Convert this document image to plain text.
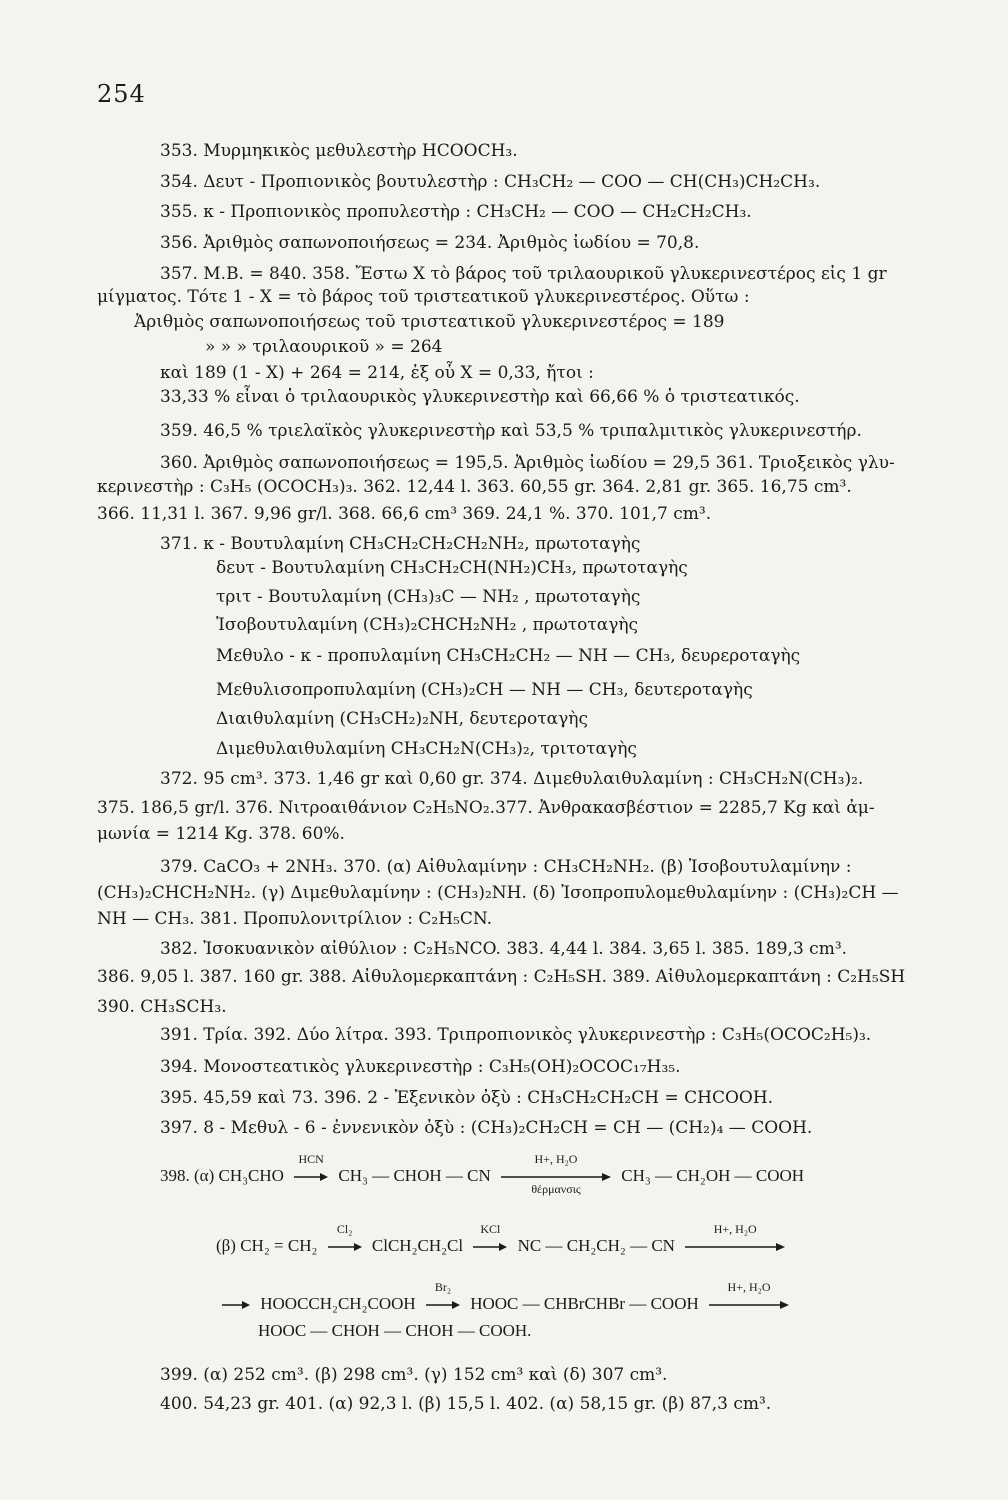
254
353. Μυρμηκικὸς μεθυλεστὴρ HCOOCH₃.
354. Δευτ - Προπιονικὸς βουτυλεστὴρ : CH₃CH₂ — COO — CH(CH₃)CH₂CH₃.
355. κ - Προπιονικὸς προπυλεστὴρ : CH₃CH₂ — COO — CH₂CH₂CH₃.
356. Ἀριθμὸς σαπωνοποιήσεως = 234. Ἀριθμὸς ἰωδίου = 70,8.
357. M.B. = 840. 358. Ἔστω X τὸ βάρος τοῦ τριλαουρικοῦ γλυκερινεστέρος εἰς 1 gr
μίγματος. Τότε 1 - X = τὸ βάρος τοῦ τριστεατικοῦ γλυκερινεστέρος. Οὕτω :
Ἀριθμὸς σαπωνοποιήσεως τοῦ τριστεατικοῦ γλυκερινεστέρος = 189
» » » τριλαουρικοῦ » = 264
καὶ 189 (1 - X) + 264 = 214, ἐξ οὗ X = 0,33, ἤτοι :
33,33 % εἶναι ὁ τριλαουρικὸς γλυκερινεστὴρ καὶ 66,66 % ὁ τριστεατικός.
359. 46,5 % τριελαϊκὸς γλυκερινεστὴρ καὶ 53,5 % τριπαλμιτικὸς γλυκερινεστήρ.
360. Ἀριθμὸς σαπωνοποιήσεως = 195,5. Ἀριθμὸς ἰωδίου = 29,5 361. Τριοξεικὸς γλυ-
κερινεστὴρ : C₃H₅ (OCOCH₃)₃. 362. 12,44 l. 363. 60,55 gr. 364. 2,81 gr. 365. 16,75 cm³.
366. 11,31 l. 367. 9,96 gr/l. 368. 66,6 cm³ 369. 24,1 %. 370. 101,7 cm³.
371. κ - Βουτυλαμίνη CH₃CH₂CH₂CH₂NH₂, πρωτοταγὴς
δευτ - Βουτυλαμίνη CH₃CH₂CH(NH₂)CH₃, πρωτοταγὴς
τριτ - Βουτυλαμίνη (CH₃)₃C — NH₂ , πρωτοταγὴς
Ἰσοβουτυλαμίνη (CH₃)₂CHCH₂NH₂ , πρωτοταγὴς
Μεθυλο - κ - προπυλαμίνη CH₃CH₂CH₂ — NH — CH₃, δευρεροταγὴς
Μεθυλισοπροπυλαμίνη (CH₃)₂CH — NH — CH₃, δευτεροταγὴς
Διαιθυλαμίνη (CH₃CH₂)₂NH, δευτεροταγὴς
Διμεθυλαιθυλαμίνη CH₃CH₂N(CH₃)₂, τριτοταγὴς
372. 95 cm³. 373. 1,46 gr καὶ 0,60 gr. 374. Διμεθυλαιθυλαμίνη : CH₃CH₂N(CH₃)₂.
375. 186,5 gr/l. 376. Νιτροαιθάνιον C₂H₅NO₂.377. Ἀνθρακασβέστιον = 2285,7 Kg καὶ ἀμ-
μωνία = 1214 Kg. 378. 60%.
379. CaCO₃ + 2NH₃. 370. (α) Αἰθυλαμίνην : CH₃CH₂NH₂. (β) Ἰσοβουτυλαμίνην :
(CH₃)₂CHCH₂NH₂. (γ) Διμεθυλαμίνην : (CH₃)₂NH. (δ) Ἰσοπροπυλομεθυλαμίνην : (CH₃)₂CH —
NH — CH₃. 381. Προπυλονιτρίλιον : C₂H₅CN.
382. Ἰσοκυανικὸν αἰθύλιον : C₂H₅NCO. 383. 4,44 l. 384. 3,65 l. 385. 189,3 cm³.
386. 9,05 l. 387. 160 gr. 388. Αἰθυλομερκαπτάνη : C₂H₅SH. 389. Αἰθυλομερκαπτάνη : C₂H₅SH
390. CH₃SCH₃.
391. Τρία. 392. Δύο λίτρα. 393. Τριπροπιονικὸς γλυκερινεστὴρ : C₃H₅(OCOC₂H₅)₃.
394. Μονοστεατικὸς γλυκερινεστὴρ : C₃H₅(OH)₂OCOC₁₇H₃₅.
395. 45,59 καὶ 73. 396. 2 - Ἐξενικὸν ὀξὺ : CH₃CH₂CH₂CH = CHCOOH.
397. 8 - Μεθυλ - 6 - ἐννενικὸν ὀξὺ : (CH₃)₂CH₂CH = CH — (CH₂)₄ — COOH.
398. (α) CH₃CHO
HCN
CH₃ — CHOH — CN
H+, H₂O
θέρμανσις
CH₃ — CH₂OH — COOH
(β) CH₂ = CH₂
Cl₂
ClCH₂CH₂Cl
KCl
NC — CH₂CH₂ — CN
H+, H₂O
→ HOOCCH₂CH₂COOH
Br₂
HOOC — CHBrCHBr — COOH
H+, H₂O
HOOC — CHOH — CHOH — COOH.
399. (α) 252 cm³. (β) 298 cm³. (γ) 152 cm³ καὶ (δ) 307 cm³.
400. 54,23 gr. 401. (α) 92,3 l. (β) 15,5 l. 402. (α) 58,15 gr. (β) 87,3 cm³.
